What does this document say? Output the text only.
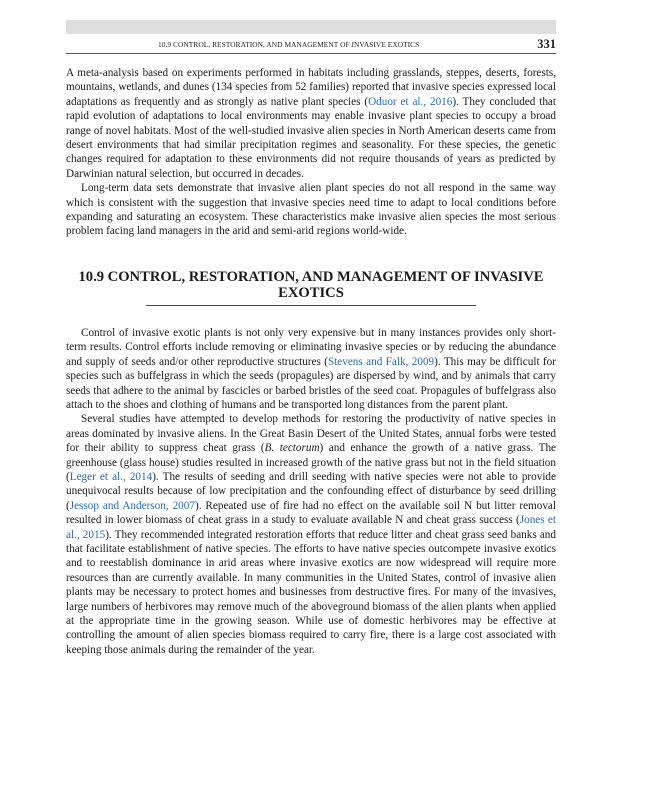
10.9 CONTROL, RESTORATION, AND MANAGEMENT OF INVASIVE EXOTICS	331

A meta-analysis based on experiments performed in habitats including grasslands, steppes, deserts, forests, mountains, wetlands, and dunes (134 species from 52 families) reported that invasive species expressed local adaptations as frequently and as strongly as native plant species (Oduor et al., 2016). They concluded that rapid evolution of adaptations to local environments may enable invasive plant species to occupy a broad range of novel habitats. Most of the well-studied invasive alien species in North American deserts came from desert environments that had similar precipitation regimes and seasonality. For these species, the genetic changes required for adaptation to these environments did not require thousands of years as predicted by Darwinian natural selection, but occurred in decades.

Long-term data sets demonstrate that invasive alien plant species do not all respond in the same way which is consistent with the suggestion that invasive species need time to adapt to local conditions before expanding and saturating an ecosystem. These characteristics make invasive alien species the most serious problem facing land managers in the arid and semi-arid regions world-wide.

10.9 CONTROL, RESTORATION, AND MANAGEMENT OF INVASIVE EXOTICS

Control of invasive exotic plants is not only very expensive but in many instances provides only short-term results. Control efforts include removing or eliminating invasive species or by reducing the abundance and supply of seeds and/or other reproductive structures (Stevens and Falk, 2009). This may be difficult for species such as buffelgrass in which the seeds (propagules) are dispersed by wind, and by animals that carry seeds that adhere to the animal by fascicles or barbed bristles of the seed coat. Propagules of buffelgrass also attach to the shoes and clothing of humans and be transported long distances from the parent plant.

Several studies have attempted to develop methods for restoring the productivity of native species in areas dominated by invasive aliens. In the Great Basin Desert of the United States, annual forbs were tested for their ability to suppress cheat grass (B. tectorum) and enhance the growth of a native grass. The greenhouse (glass house) studies resulted in increased growth of the native grass but not in the field situation (Leger et al., 2014). The results of seeding and drill seeding with native species were not able to provide unequivocal results because of low precipitation and the confounding effect of disturbance by seed drilling (Jessop and Anderson, 2007). Repeated use of fire had no effect on the available soil N but litter removal resulted in lower biomass of cheat grass in a study to evaluate available N and cheat grass success (Jones et al., 2015). They recommended integrated restoration efforts that reduce litter and cheat grass seed banks and that facilitate establishment of native species. The efforts to have native species outcompete invasive exotics and to reestablish dominance in arid areas where invasive exotics are now widespread will require more resources than are currently available. In many communities in the United States, control of invasive alien plants may be necessary to protect homes and businesses from destructive fires. For many of the invasives, large numbers of herbivores may remove much of the aboveground biomass of the alien plants when applied at the appropriate time in the growing season. While use of domestic herbivores may be effective at controlling the amount of alien species biomass required to carry fire, there is a large cost associated with keeping those animals during the remainder of the year.
